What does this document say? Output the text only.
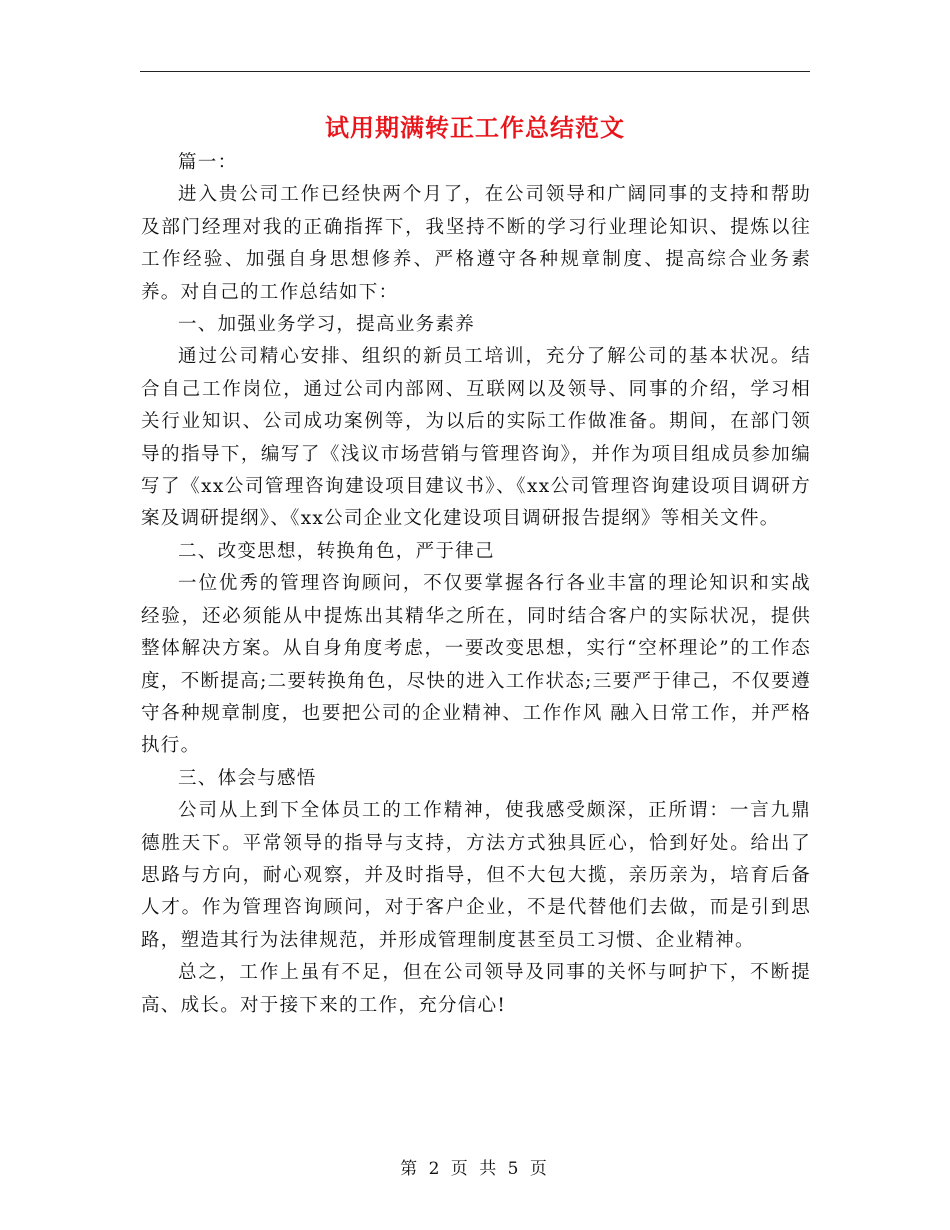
试用期满转正工作总结范文

篇一：

进入贵公司工作已经快两个月了，在公司领导和广阔同事的支持和帮助及部门经理对我的正确指挥下，我坚持不断的学习行业理论知识、提炼以往工作经验、加强自身思想修养、严格遵守各种规章制度、提高综合业务素养。对自己的工作总结如下：

一、加强业务学习，提高业务素养

通过公司精心安排、组织的新员工培训，充分了解公司的基本状况。结合自己工作岗位，通过公司内部网、互联网以及领导、同事的介绍，学习相关行业知识、公司成功案例等，为以后的实际工作做准备。期间，在部门领导的指导下，编写了《浅议市场营销与管理咨询》，并作为项目组成员参加编写了《xx公司管理咨询建设项目建议书》、《xx公司管理咨询建设项目调研方案及调研提纲》、《xx公司企业文化建设项目调研报告提纲》等相关文件。

二、改变思想，转换角色，严于律己

一位优秀的管理咨询顾问，不仅要掌握各行各业丰富的理论知识和实战经验，还必须能从中提炼出其精华之所在，同时结合客户的实际状况，提供整体解决方案。从自身角度考虑，一要改变思想，实行“空杯理论”的工作态度，不断提高;二要转换角色，尽快的进入工作状态;三要严于律己，不仅要遵守各种规章制度，也要把公司的企业精神、工作作风 融入日常工作，并严格执行。

三、体会与感悟

公司从上到下全体员工的工作精神，使我感受颇深，正所谓：一言九鼎德胜天下。平常领导的指导与支持，方法方式独具匠心，恰到好处。给出了思路与方向，耐心观察，并及时指导，但不大包大揽，亲历亲为，培育后备人才。作为管理咨询顾问，对于客户企业，不是代替他们去做，而是引到思路，塑造其行为法律规范，并形成管理制度甚至员工习惯、企业精神。

总之，工作上虽有不足，但在公司领导及同事的关怀与呵护下，不断提高、成长。对于接下来的工作，充分信心!

第 2 页 共 5 页
